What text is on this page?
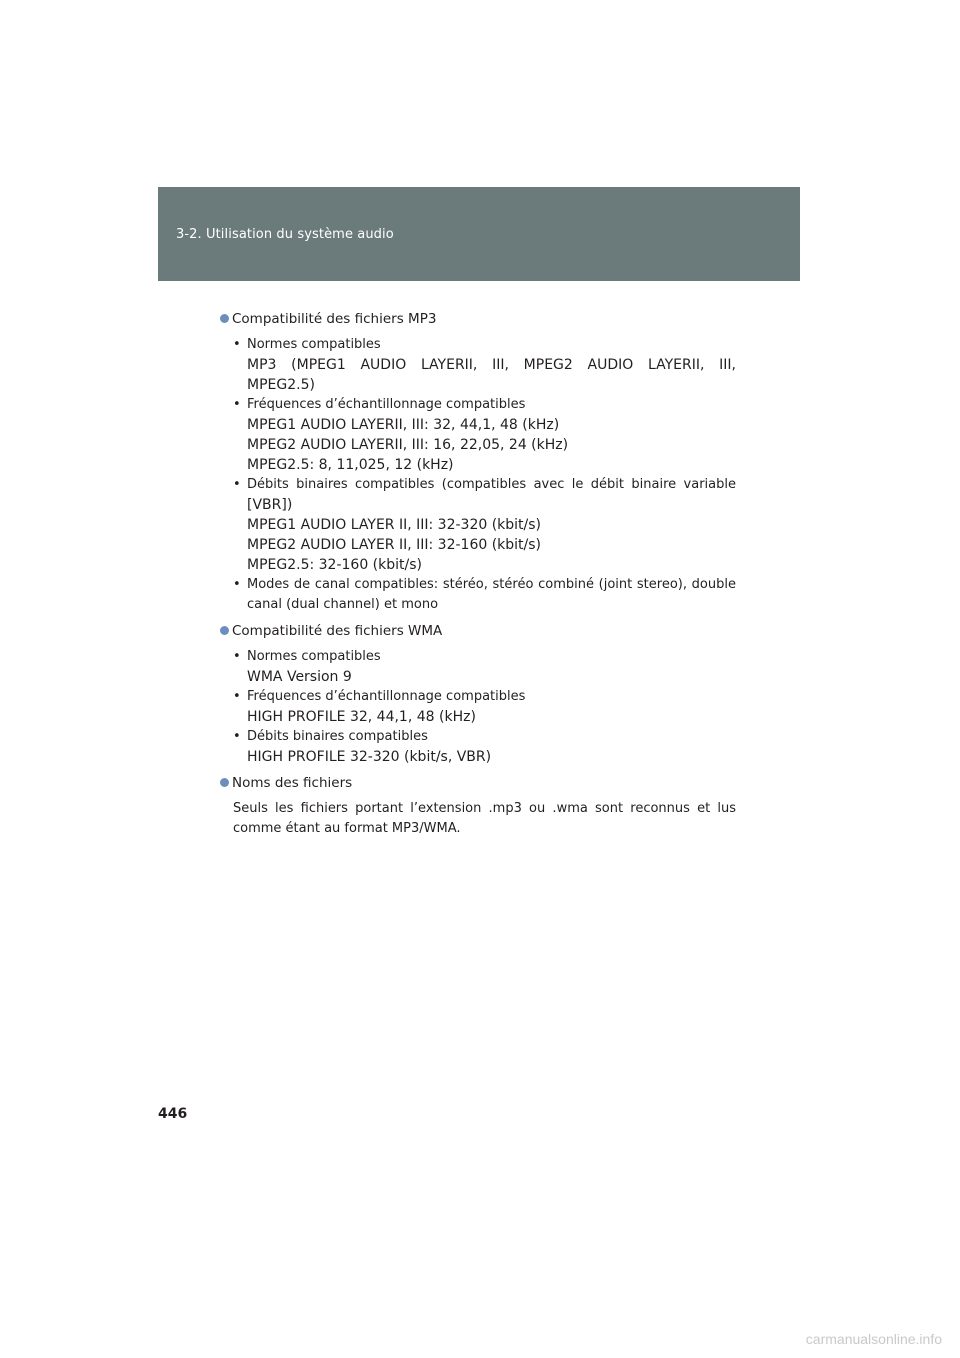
3-2. Utilisation du système audio
Compatibilité des fichiers MP3
• Normes compatibles
MP3 (MPEG1 AUDIO LAYERII, III, MPEG2 AUDIO LAYERII, III,
MPEG2.5)
• Fréquences d’échantillonnage compatibles
MPEG1 AUDIO LAYERII, III: 32, 44,1, 48 (kHz)
MPEG2 AUDIO LAYERII, III: 16, 22,05, 24 (kHz)
MPEG2.5: 8, 11,025, 12 (kHz)
• Débits binaires compatibles (compatibles avec le débit binaire variable
[VBR])
MPEG1 AUDIO LAYER II, III: 32-320 (kbit/s)
MPEG2 AUDIO LAYER II, III: 32-160 (kbit/s)
MPEG2.5: 32-160 (kbit/s)
• Modes de canal compatibles: stéréo, stéréo combiné (joint stereo), double
canal (dual channel) et mono
Compatibilité des fichiers WMA
• Normes compatibles
WMA Version 9
• Fréquences d’échantillonnage compatibles
HIGH PROFILE 32, 44,1, 48 (kHz)
• Débits binaires compatibles
HIGH PROFILE 32-320 (kbit/s, VBR)
Noms des fichiers
Seuls les fichiers portant l’extension .mp3 ou .wma sont reconnus et lus comme étant au format MP3/WMA.
446
carmanualsonline.info
